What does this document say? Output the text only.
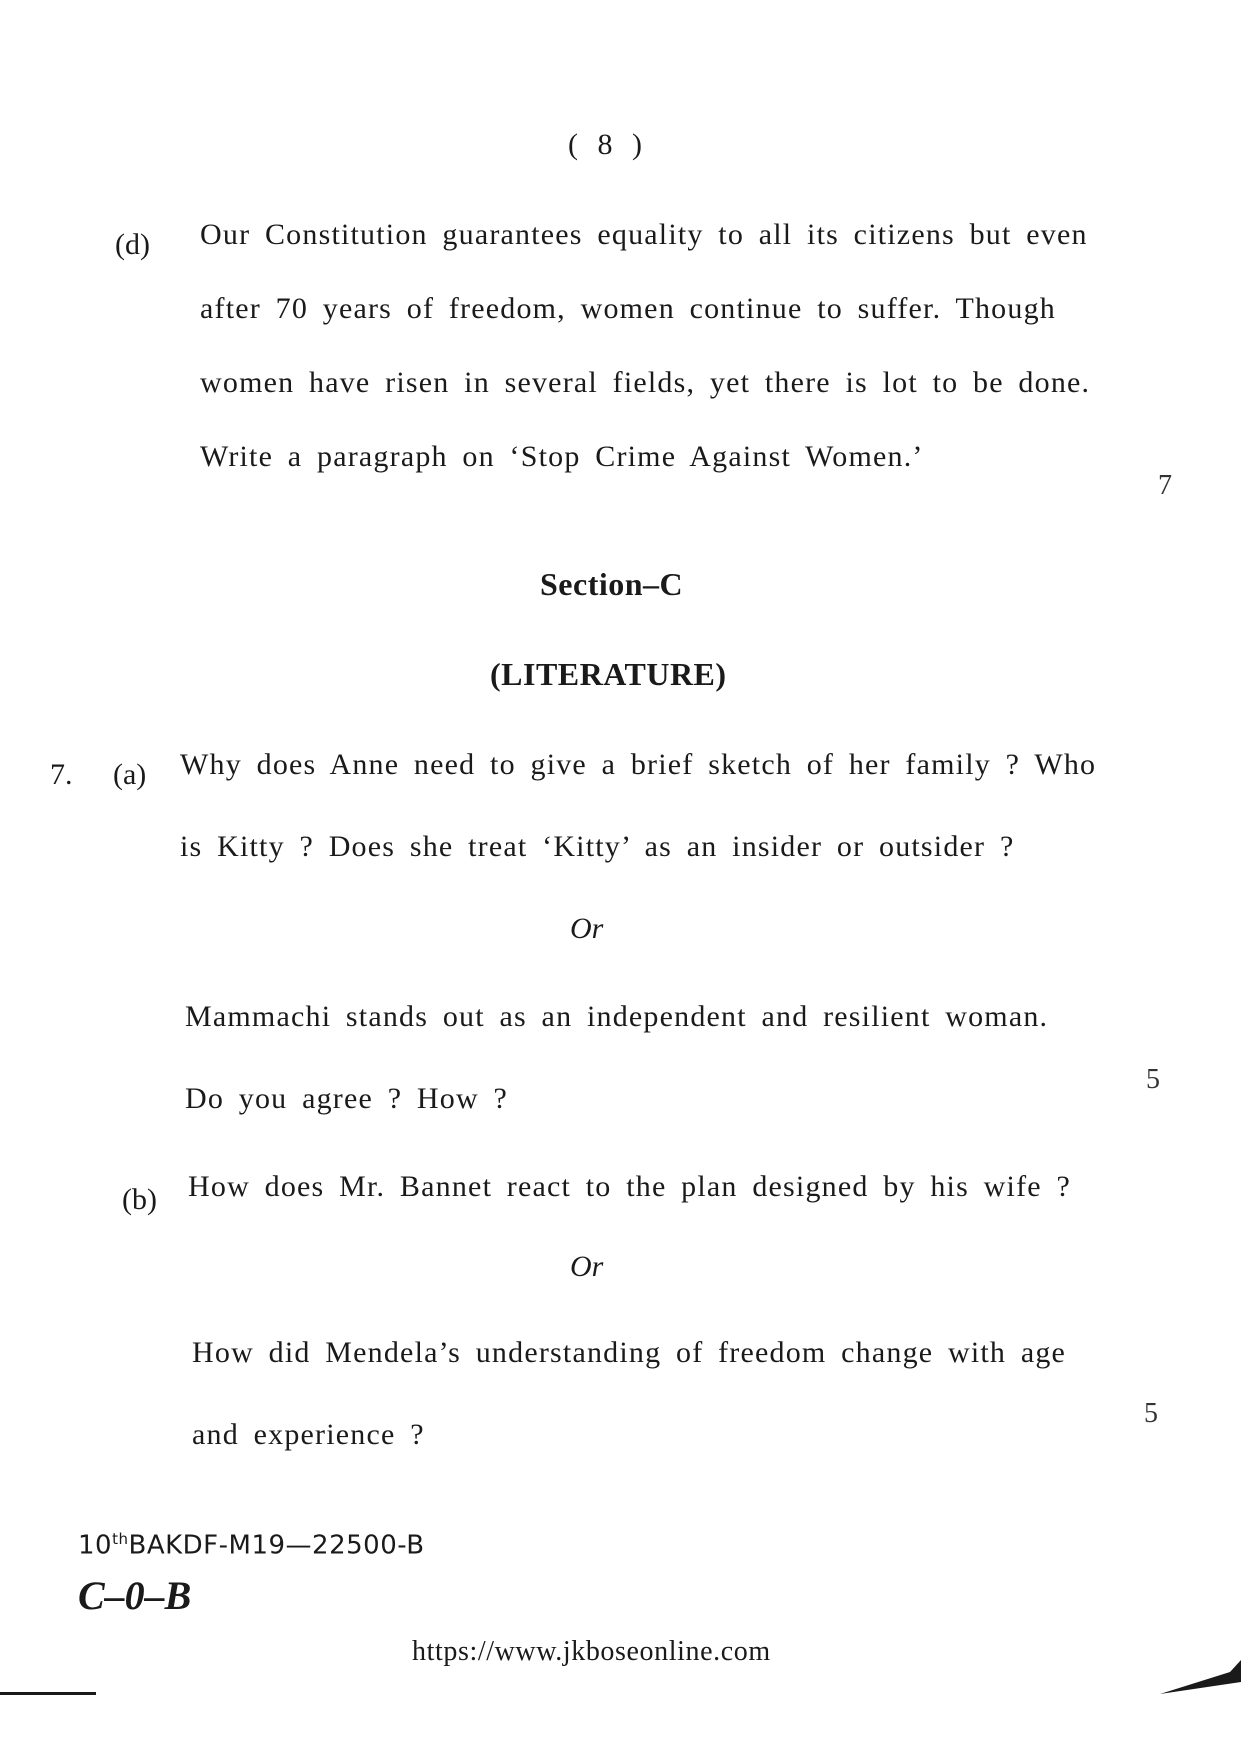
( 8 )
(d) Our Constitution guarantees equality to all its citizens but even
after 70 years of freedom, women continue to suffer. Though
women have risen in several fields, yet there is lot to be done.
Write a paragraph on ‘Stop Crime Against Women.’
7
Section–C
(LITERATURE)
7. (a) Why does Anne need to give a brief sketch of her family ? Who
is Kitty ? Does she treat ‘Kitty’ as an insider or outsider ?
Or
Mammachi stands out as an independent and resilient woman.
Do you agree ? How ?
5
(b) How does Mr. Bannet react to the plan designed by his wife ?
Or
How did Mendela’s understanding of freedom change with age
and experience ?
5
10thBAKDF-M19—22500-B
C–0–B
https://www.jkboseonline.com
